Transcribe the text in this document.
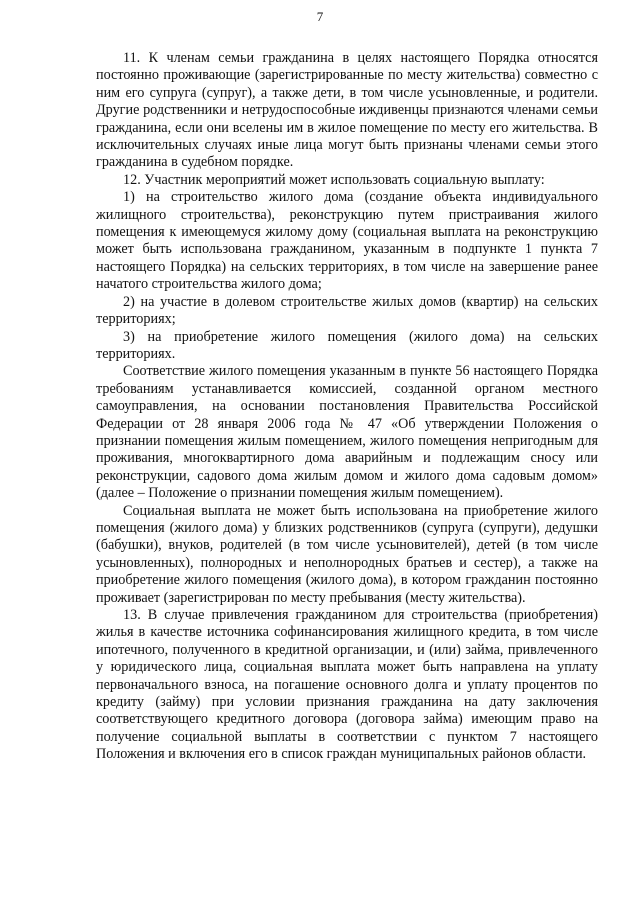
7

11. К членам семьи гражданина в целях настоящего Порядка относятся постоянно проживающие (зарегистрированные по месту жительства) совместно с ним его супруга (супруг), а также дети, в том числе усыновленные, и родители. Другие родственники и нетрудоспособные иждивенцы признаются членами семьи гражданина, если они вселены им в жилое помещение по месту его жительства. В исключительных случаях иные лица могут быть признаны членами семьи этого гражданина в судебном порядке.

12. Участник мероприятий может использовать социальную выплату:

1) на строительство жилого дома (создание объекта индивидуального жилищного строительства), реконструкцию путем пристраивания жилого помещения к имеющемуся жилому дому (социальная выплата на реконструкцию может быть использована гражданином, указанным в подпункте 1 пункта 7 настоящего Порядка) на сельских территориях, в том числе на завершение ранее начатого строительства жилого дома;

2) на участие в долевом строительстве жилых домов (квартир) на сельских территориях;

3) на приобретение жилого помещения (жилого дома) на сельских территориях.

Соответствие жилого помещения указанным в пункте 56 настоящего Порядка требованиям устанавливается комиссией, созданной органом местного самоуправления, на основании постановления Правительства Российской Федерации от 28 января 2006 года № 47 «Об утверждении Положения о признании помещения жилым помещением, жилого помещения непригодным для проживания, многоквартирного дома аварийным и подлежащим сносу или реконструкции, садового дома жилым домом и жилого дома садовым домом» (далее – Положение о признании помещения жилым помещением).

Социальная выплата не может быть использована на приобретение жилого помещения (жилого дома) у близких родственников (супруга (супруги), дедушки (бабушки), внуков, родителей (в том числе усыновителей), детей (в том числе усыновленных), полнородных и неполнородных братьев и сестер), а также на приобретение жилого помещения (жилого дома), в котором гражданин постоянно проживает (зарегистрирован по месту пребывания (месту жительства).

13. В случае привлечения гражданином для строительства (приобретения) жилья в качестве источника софинансирования жилищного кредита, в том числе ипотечного, полученного в кредитной организации, и (или) займа, привлеченного у юридического лица, социальная выплата может быть направлена на уплату первоначального взноса, на погашение основного долга и уплату процентов по кредиту (займу) при условии признания гражданина на дату заключения соответствующего кредитного договора (договора займа) имеющим право на получение социальной выплаты в соответствии с пунктом 7 настоящего Положения и включения его в список граждан муниципальных районов области.
